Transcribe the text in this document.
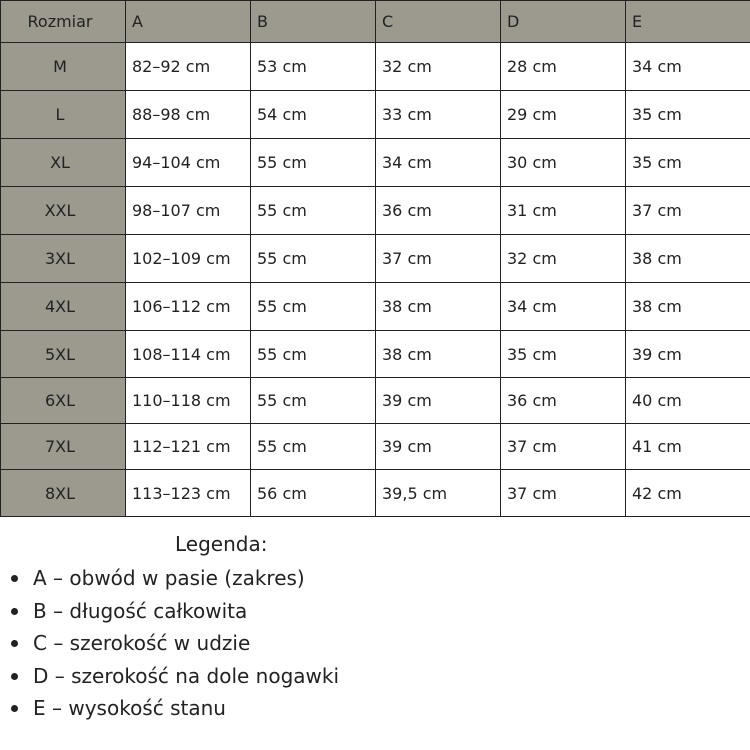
Rozmiar	A	B	C	D	E
M	82–92 cm	53 cm	32 cm	28 cm	34 cm
L	88–98 cm	54 cm	33 cm	29 cm	35 cm
XL	94–104 cm	55 cm	34 cm	30 cm	35 cm
XXL	98–107 cm	55 cm	36 cm	31 cm	37 cm
3XL	102–109 cm	55 cm	37 cm	32 cm	38 cm
4XL	106–112 cm	55 cm	38 cm	34 cm	38 cm
5XL	108–114 cm	55 cm	38 cm	35 cm	39 cm
6XL	110–118 cm	55 cm	39 cm	36 cm	40 cm
7XL	112–121 cm	55 cm	39 cm	37 cm	41 cm
8XL	113–123 cm	56 cm	39,5 cm	37 cm	42 cm
Legenda:
A – obwód w pasie (zakres)
B – długość całkowita
C – szerokość w udzie
D – szerokość na dole nogawki
E – wysokość stanu
